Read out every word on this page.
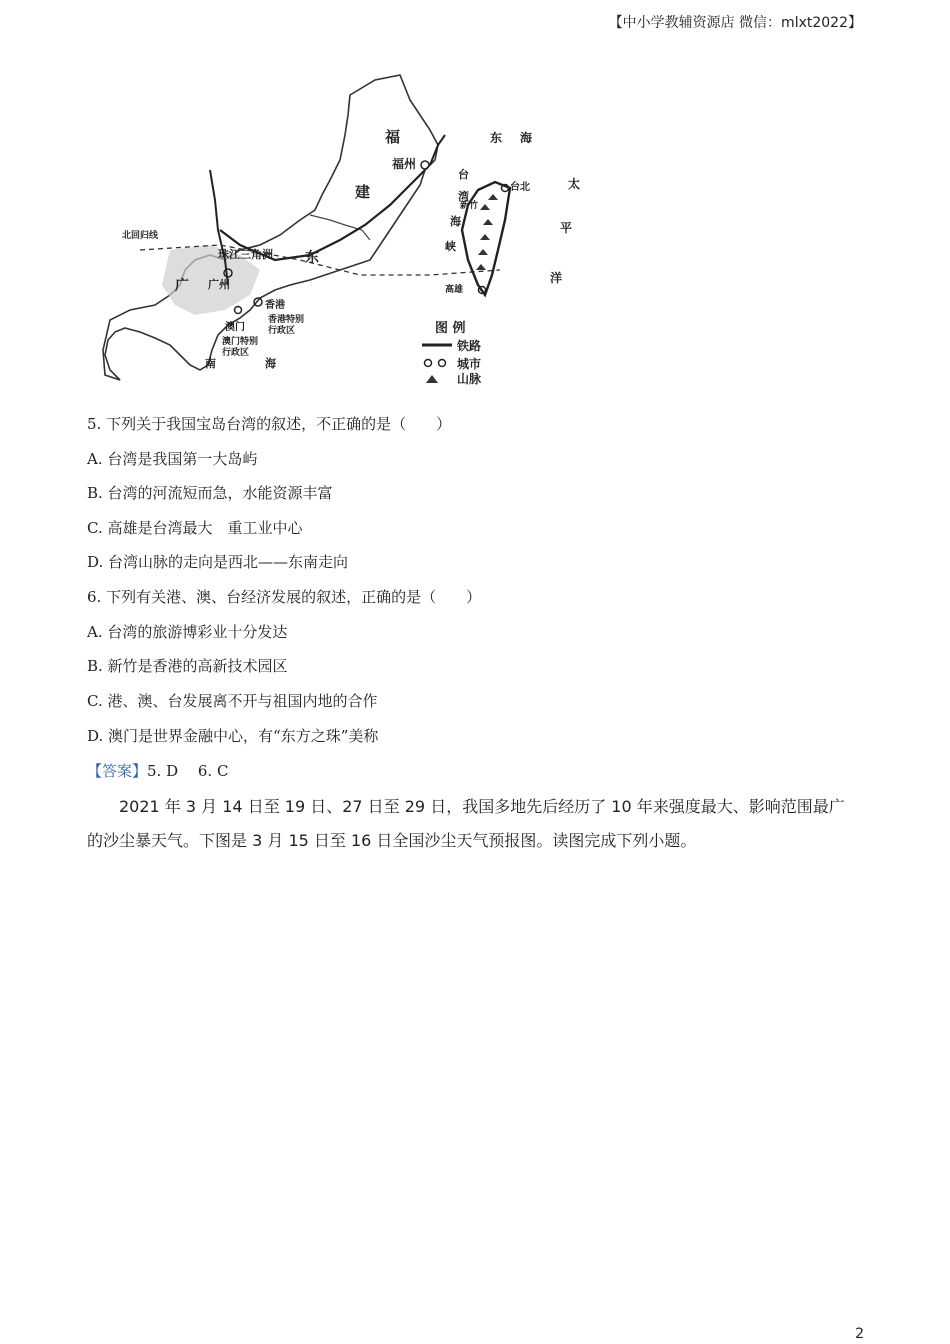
【中小学教辅资源店 微信：mlxt2022】
福
福州
建
东 海
台
湾
海
峡
台北
新竹
高雄
太
平
洋
北回归线
珠江三角洲 东
广 广州
香港
香港特别
行政区
澳门
澳门特别
行政区
南	海
图 例
铁路
城市
山脉
5. 下列关于我国宝岛台湾的叙述，不正确的是（　　）
A. 台湾是我国第一大岛屿
B. 台湾的河流短而急，水能资源丰富
C. 高雄是台湾最大　重工业中心
D. 台湾山脉的走向是西北——东南走向
6. 下列有关港、澳、台经济发展的叙述，正确的是（　　）
A. 台湾的旅游博彩业十分发达
B. 新竹是香港的高新技术园区
C. 港、澳、台发展离不开与祖国内地的合作
D. 澳门是世界金融中心，有“东方之珠”美称
【答案】5. D　 6. C
2021 年 3 月 14 日至 19 日、27 日至 29 日，我国多地先后经历了 10 年来强度最大、影响范围最广
的沙尘暴天气。下图是 3 月 15 日至 16 日全国沙尘天气预报图。读图完成下列小题。
2
